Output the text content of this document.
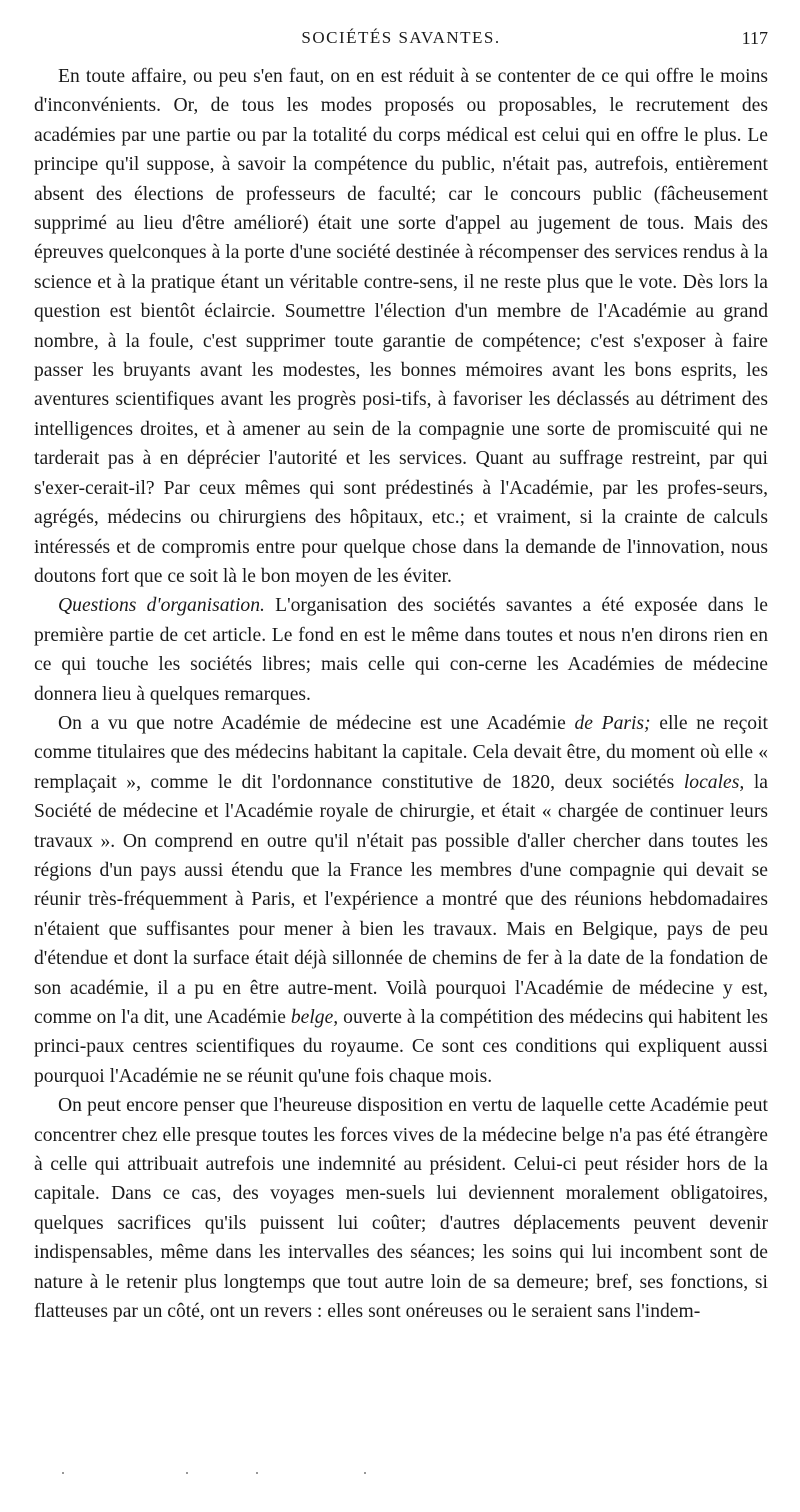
SOCIÉTÉS SAVANTES.	117

En toute affaire, ou peu s'en faut, on en est réduit à se contenter de ce qui offre le moins d'inconvénients. Or, de tous les modes proposés ou proposables, le recrutement des académies par une partie ou par la totalité du corps médical est celui qui en offre le plus. Le principe qu'il suppose, à savoir la compétence du public, n'était pas, autrefois, entièrement absent des élections de professeurs de faculté; car le concours public (fâcheusement supprimé au lieu d'être amélioré) était une sorte d'appel au jugement de tous. Mais des épreuves quelconques à la porte d'une société destinée à récompenser des services rendus à la science et à la pratique étant un véritable contre-sens, il ne reste plus que le vote. Dès lors la question est bientôt éclaircie. Soumettre l'élection d'un membre de l'Académie au grand nombre, à la foule, c'est supprimer toute garantie de compétence; c'est s'exposer à faire passer les bruyants avant les modestes, les bonnes mémoires avant les bons esprits, les aventures scientifiques avant les progrès posi-tifs, à favoriser les déclassés au détriment des intelligences droites, et à amener au sein de la compagnie une sorte de promiscuité qui ne tarderait pas à en déprécier l'autorité et les services. Quant au suffrage restreint, par qui s'exer-cerait-il? Par ceux mêmes qui sont prédestinés à l'Académie, par les profes-seurs, agrégés, médecins ou chirurgiens des hôpitaux, etc.; et vraiment, si la crainte de calculs intéressés et de compromis entre pour quelque chose dans la demande de l'innovation, nous doutons fort que ce soit là le bon moyen de les éviter.

Questions d'organisation. L'organisation des sociétés savantes a été exposée dans le première partie de cet article. Le fond en est le même dans toutes et nous n'en dirons rien en ce qui touche les sociétés libres; mais celle qui con-cerne les Académies de médecine donnera lieu à quelques remarques.

On a vu que notre Académie de médecine est une Académie de Paris; elle ne reçoit comme titulaires que des médecins habitant la capitale. Cela devait être, du moment où elle « remplaçait », comme le dit l'ordonnance constitutive de 1820, deux sociétés locales, la Société de médecine et l'Académie royale de chirurgie, et était « chargée de continuer leurs travaux ». On comprend en outre qu'il n'était pas possible d'aller chercher dans toutes les régions d'un pays aussi étendu que la France les membres d'une compagnie qui devait se réunir très-fréquemment à Paris, et l'expérience a montré que des réunions hebdomadaires n'étaient que suffisantes pour mener à bien les travaux. Mais en Belgique, pays de peu d'étendue et dont la surface était déjà sillonnée de chemins de fer à la date de la fondation de son académie, il a pu en être autre-ment. Voilà pourquoi l'Académie de médecine y est, comme on l'a dit, une Académie belge, ouverte à la compétition des médecins qui habitent les princi-paux centres scientifiques du royaume. Ce sont ces conditions qui expliquent aussi pourquoi l'Académie ne se réunit qu'une fois chaque mois.

On peut encore penser que l'heureuse disposition en vertu de laquelle cette Académie peut concentrer chez elle presque toutes les forces vives de la médecine belge n'a pas été étrangère à celle qui attribuait autrefois une indemnité au président. Celui-ci peut résider hors de la capitale. Dans ce cas, des voyages men-suels lui deviennent moralement obligatoires, quelques sacrifices qu'ils puissent lui coûter; d'autres déplacements peuvent devenir indispensables, même dans les intervalles des séances; les soins qui lui incombent sont de nature à le retenir plus longtemps que tout autre loin de sa demeure; bref, ses fonctions, si flatteuses par un côté, ont un revers : elles sont onéreuses ou le seraient sans l'indem-
